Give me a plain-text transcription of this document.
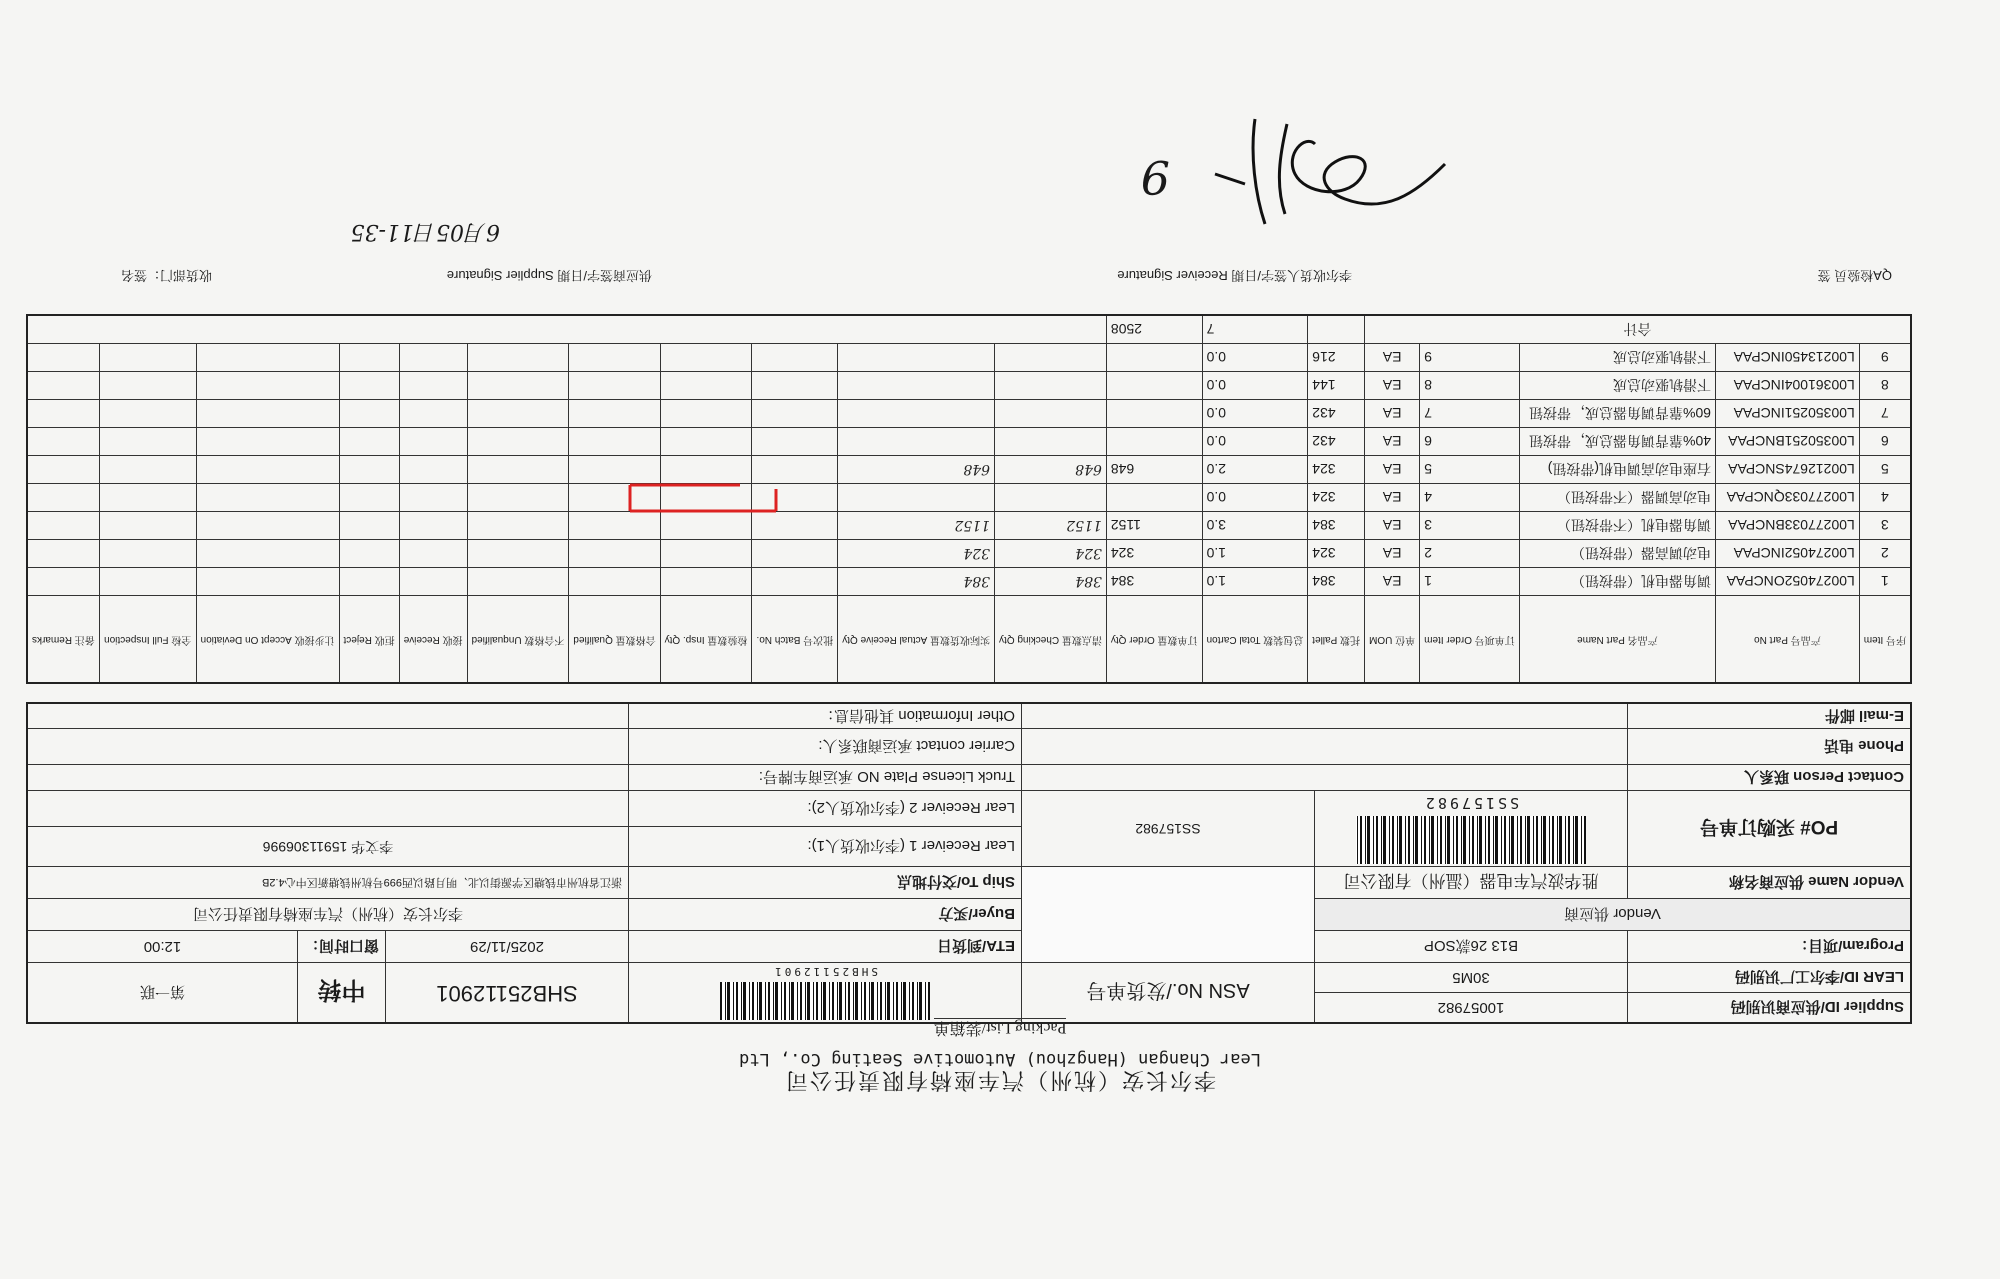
李尔长安（杭州）汽车座椅有限责任公司
Lear Changan (Hangzhou) Automotive Seating Co., Ltd
Packing List/装箱单
Supplier ID/供应商识别码	10057982	ASN No./发货单号	SHB25112901	SHB25112901	中转	第一联
LEAR ID/李尔工厂识别码	30M5					
Program/项目：	B13 26款SOP		ETA/到货日	2025/11/29	窗口时间：	12:00
Vendor 供应商			Buyer/买方	李尔长安（杭州）汽车座椅有限责任公司		
Vendor Name 供应商名称	胜华波汽车电器（温州）有限公司		Ship To/交付地点	浙江省杭州市钱塘区学源街以北、明月路以西999号杭州钱塘新区中心4.2B		
PO# 采购订单号	SS157982	SS157982	Lear Receiver 1 (李尔收货人1):	李文华 15911306996		
			Lear Receiver 2 (李尔收货人2):			
Contact Person 联系人			Truck License Plate NO 承运商车牌号:			
Phone 电话			Carrier contact 承运商联系人:			
E-mail 邮件			Other Information 其他信息：			
序号 Item	产品号 Part No	产品名 Part Name	订单项号 Order Item	单位 UOM	托数 Pallet	总包装数 Total Carton	订单数量 Order Qty	清点数量 Checking Qty	实际收货数量 Actual Receive Qty	批次号 Batch No.	检验数量 Insp. Qty	合格数量 Qualified	不合格数 Unqualified	接收 Receive	拒收 Reject	让步接收 Accept On Deviation	全检 Full Inspection	备注 Remarks
1	L00274052ONCPAA	调角器电机（带按钮）	1	EA	384	1.0	384	384	384									
2	L00274052INCPAA	电动调高器（带按钮）	2	EA	324	1.0	324	324	324									
3	L00277033BNCPAA	调角器电机（不带按钮）	3	EA	384	3.0	1152	1152	1152									
4	L00277033QNCPAA	电动高调器（不带按钮）	4	EA	324	0.0												
5	L00212674SNCPAA	右座电动高调电机(带按钮)	5	EA	324	2.0	648	648	648									
6	L00350251BNCPAA	40%靠背调角器总成，带按钮	6	EA	432	0.0												
7	L00350251INCPAA	60%靠背调角器总成，带按钮	7	EA	432	0.0												
8	L00361004INCPAA	下滑轨驱动总成	8	EA	144	0.0												
9	L00213450INCPAA	下滑轨驱动总成	9	EA	216	0.0												
合计						7	2508											
QA检验员 签
李尔收货人签字/日期 Receiver Signature
供应商签字/日期 Supplier Signature
收货部门：签名
6月05日11-35
9
